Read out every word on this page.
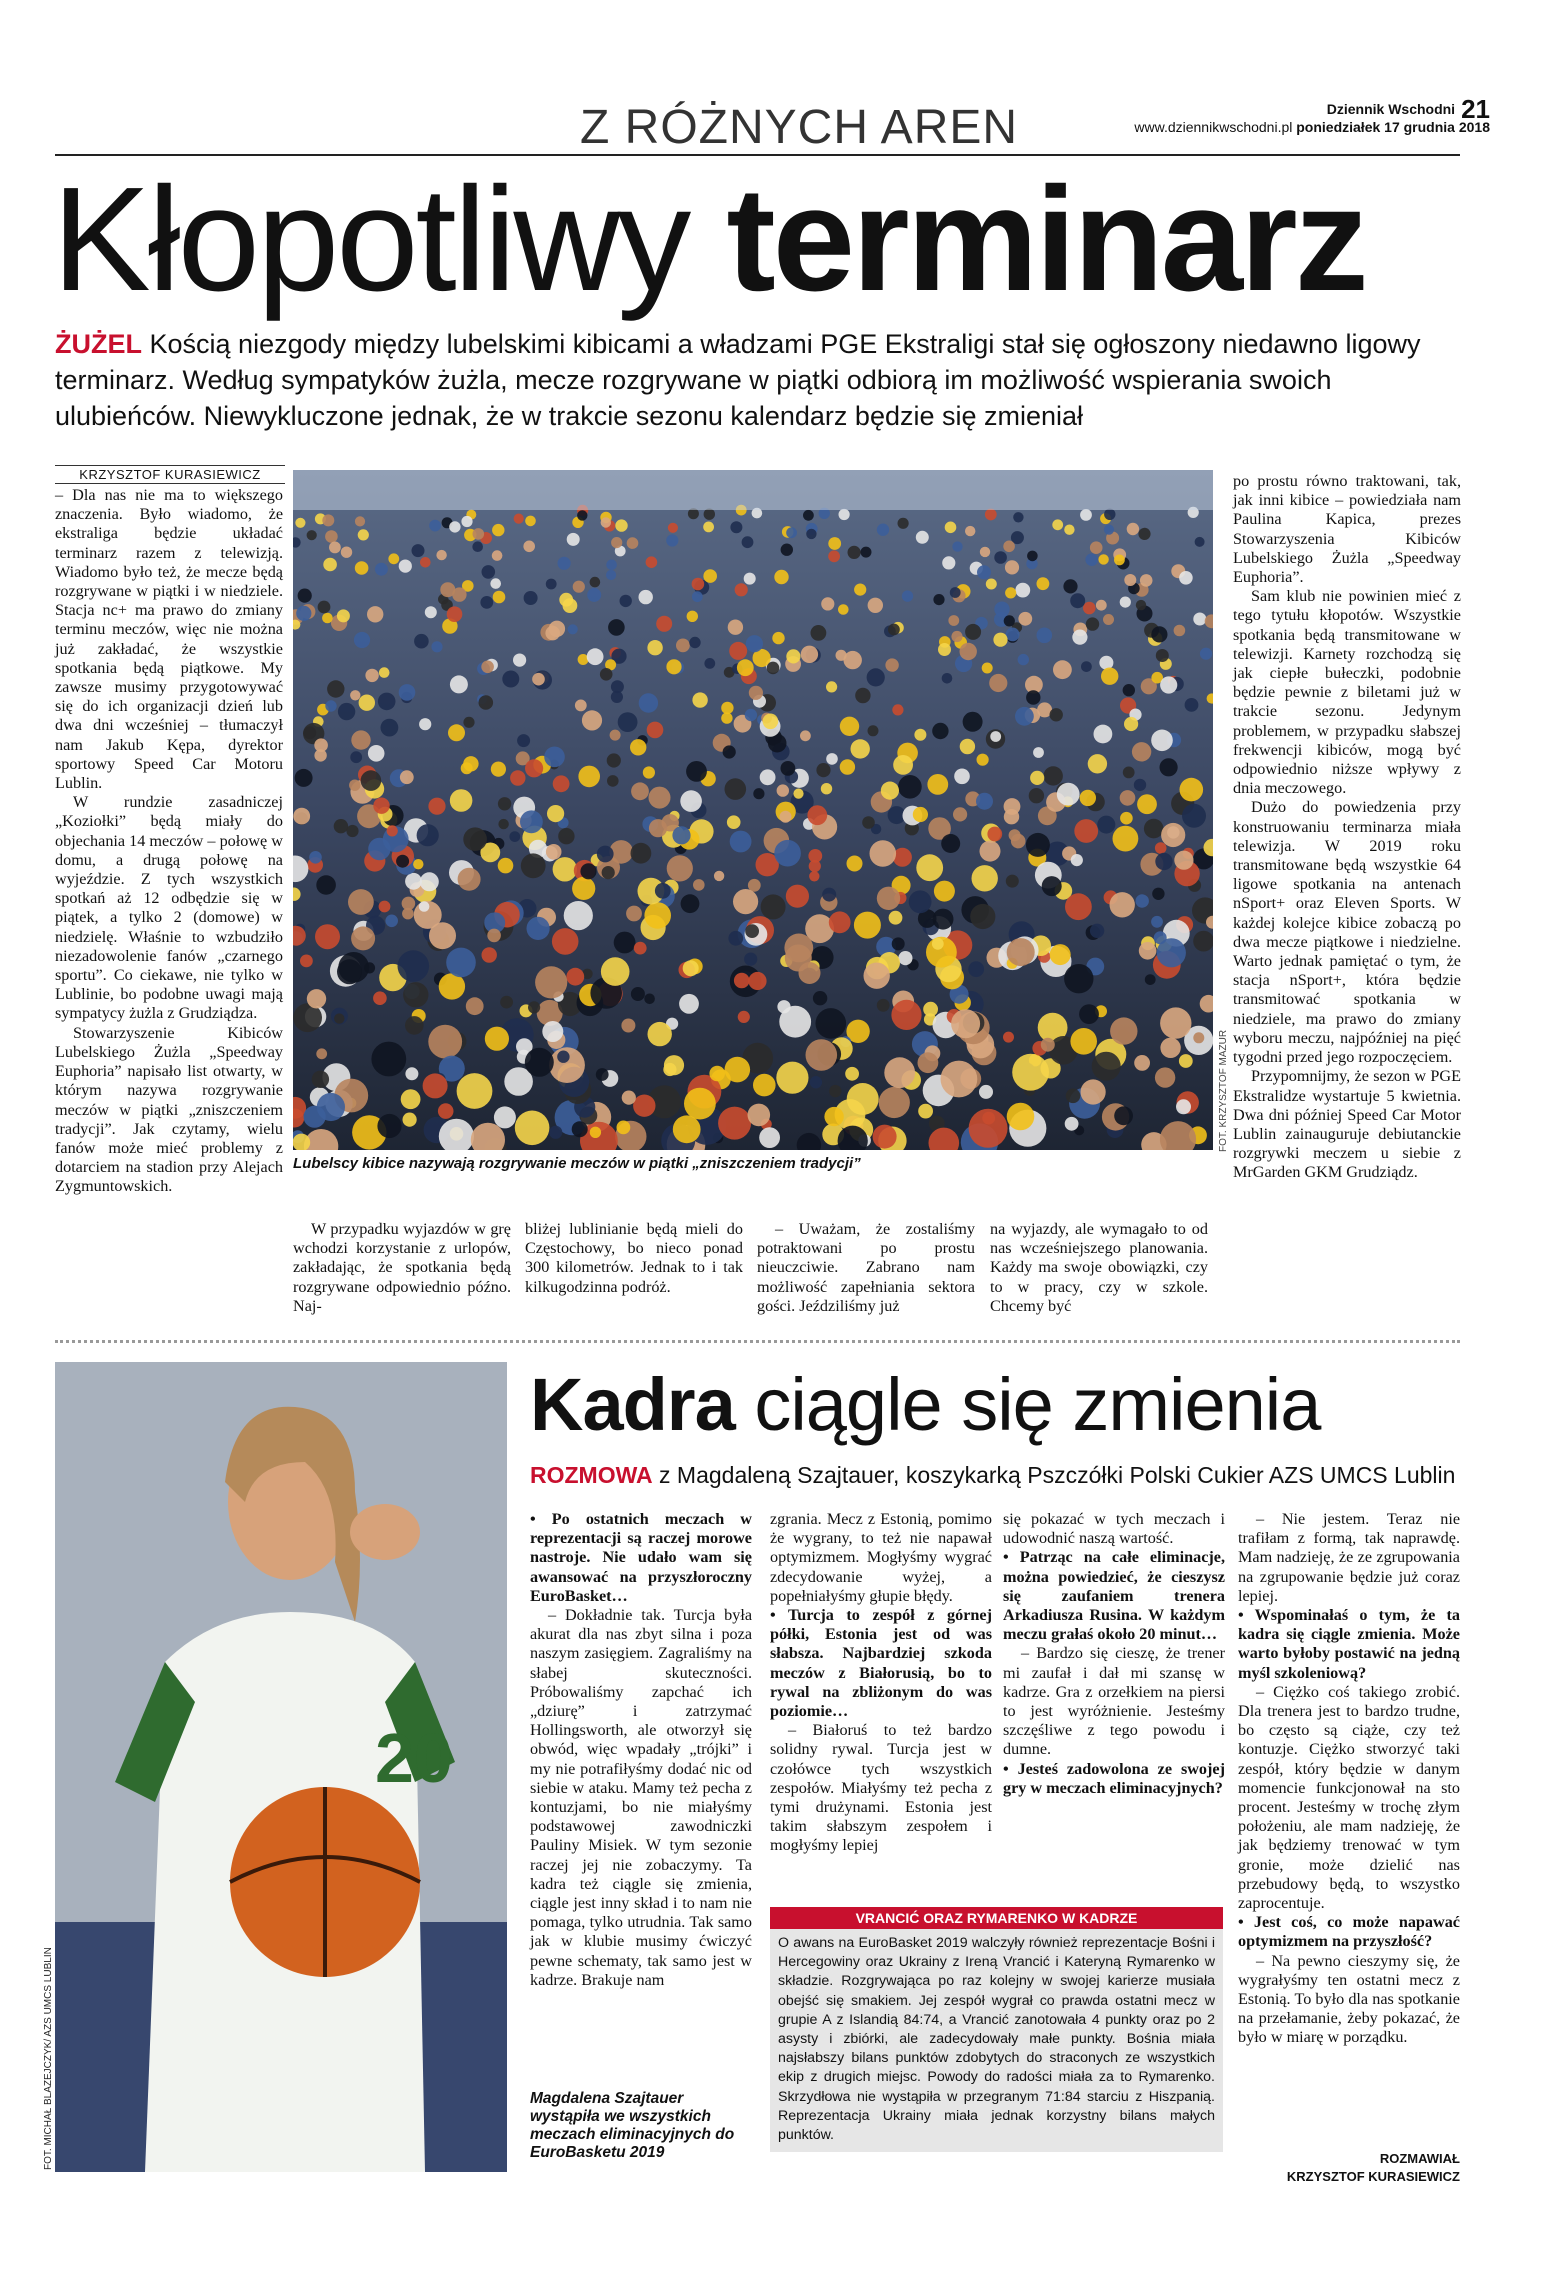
Z RÓŻNYCH AREN	Dziennik Wschodni 21
www.dziennikwschodni.pl poniedziałek 17 grudnia 2018
Kłopotliwy terminarz
ŻUŻEL Kością niezgody między lubelskimi kibicami a władzami PGE Ekstraligi stał się ogłoszony niedawno ligowy terminarz. Według sympatyków żużla, mecze rozgrywane w piątki odbiorą im możliwość wspierania swoich ulubieńców. Niewykluczone jednak, że w trakcie sezonu kalendarz będzie się zmieniał
KRZYSZTOF KURASIEWICZ

– Dla nas nie ma to większego znaczenia. Było wiadomo, że ekstraliga będzie układać terminarz razem z telewizją. Wiadomo było też, że mecze będą rozgrywane w piątki i w niedziele. Stacja nc+ ma prawo do zmiany terminu meczów, więc nie można już zakładać, że wszystkie spotkania będą piątkowe. My zawsze musimy przygotowywać się do ich organizacji dzień lub dwa dni wcześniej – tłumaczył nam Jakub Kępa, dyrektor sportowy Speed Car Motoru Lublin.

W rundzie zasadniczej „Koziołki” będą miały do objechania 14 meczów – połowę w domu, a drugą połowę na wyjeździe. Z tych wszystkich spotkań aż 12 odbędzie się w piątek, a tylko 2 (domowe) w niedzielę. Właśnie to wzbudziło niezadowolenie fanów „czarnego sportu”. Co ciekawe, nie tylko w Lublinie, bo podobne uwagi mają sympatycy żużla z Grudziądza.

Stowarzyszenie Kibiców Lubelskiego Żużla „Speedway Euphoria” napisało list otwarty, w którym nazywa rozgrywanie meczów w piątki „zniszczeniem tradycji”. Jak czytamy, wielu fanów może mieć problemy z dotarciem na stadion przy Alejach Zygmuntowskich.

FOT. KRZYSZTOF MAZUR
Lubelscy kibice nazywają rozgrywanie meczów w piątki „zniszczeniem tradycji”

W przypadku wyjazdów w grę wchodzi korzystanie z urlopów, zakładając, że spotkania będą rozgrywane odpowiednio późno. Naj-

bliżej lublinianie będą mieli do Częstochowy, bo nieco ponad 300 kilometrów. Jednak to i tak kilkugodzinna podróż.

– Uważam, że zostaliśmy potraktowani po prostu nieuczciwie. Zabrano nam możliwość zapełniania sektora gości. Jeździliśmy już

na wyjazdy, ale wymagało to od nas wcześniejszego planowania. Każdy ma swoje obowiązki, czy to w pracy, czy w szkole. Chcemy być

po prostu równo traktowani, tak, jak inni kibice – powiedziała nam Paulina Kapica, prezes Stowarzyszenia Kibiców Lubelskiego Żużla „Speedway Euphoria”.

Sam klub nie powinien mieć z tego tytułu kłopotów. Wszystkie spotkania będą transmitowane w telewizji. Karnety rozchodzą się jak ciepłe bułeczki, podobnie będzie pewnie z biletami już w trakcie sezonu. Jedynym problemem, w przypadku słabszej frekwencji kibiców, mogą być odpowiednio niższe wpływy z dnia meczowego.

Dużo do powiedzenia przy konstruowaniu terminarza miała telewizja. W 2019 roku transmitowane będą wszystkie 64 ligowe spotkania na antenach nSport+ oraz Eleven Sports. W każdej kolejce kibice zobaczą po dwa mecze piątkowe i niedzielne. Warto jednak pamiętać o tym, że stacja nSport+, która będzie transmitować spotkania w niedziele, ma prawo do zmiany wyboru meczu, najpóźniej na pięć tygodni przed jego rozpoczęciem.

Przypomnijmy, że sezon w PGE Ekstralidze wystartuje 5 kwietnia. Dwa dni później Speed Car Motor Lublin zainauguruje debiutanckie rozgrywki meczem u siebie z MrGarden GKM Grudziądz.

20
FOT. MICHAŁ BLAZEJCZYK/ AZS UMCS LUBLIN
Kadra ciągle się zmienia
ROZMOWA z Magdaleną Szajtauer, koszykarką Pszczółki Polski Cukier AZS UMCS Lublin

• Po ostatnich meczach w reprezentacji są raczej morowe nastroje. Nie udało wam się awansować na przyszłoroczny EuroBasket…

– Dokładnie tak. Turcja była akurat dla nas zbyt silna i poza naszym zasięgiem. Zagraliśmy na słabej skuteczności. Próbowaliśmy zapchać ich „dziurę” i zatrzymać Hollingsworth, ale otworzył się obwód, więc wpadały „trójki” i my nie potrafiłyśmy dodać nic od siebie w ataku. Mamy też pecha z kontuzjami, bo nie miałyśmy podstawowej zawodniczki Pauliny Misiek. W tym sezonie raczej jej nie zobaczymy. Ta kadra też ciągle się zmienia, ciągle jest inny skład i to nam nie pomaga, tylko utrudnia. Tak samo jak w klubie musimy ćwiczyć pewne schematy, tak samo jest w kadrze. Brakuje nam

zgrania. Mecz z Estonią, pomimo że wygrany, to też nie napawał optymizmem. Mogłyśmy wygrać zdecydowanie wyżej, a popełniałyśmy głupie błędy.

• Turcja to zespół z górnej półki, Estonia jest od was słabsza. Najbardziej szkoda meczów z Białorusią, bo to rywal na zbliżonym do was poziomie…

– Białoruś to też bardzo solidny rywal. Turcja jest w czołówce tych wszystkich zespołów. Miałyśmy też pecha z tymi drużynami. Estonia jest takim słabszym zespołem i mogłyśmy lepiej

się pokazać w tych meczach i udowodnić naszą wartość.

• Patrząc na całe eliminacje, można powiedzieć, że cieszysz się zaufaniem trenera Arkadiusza Rusina. W każdym meczu grałaś około 20 minut…

– Bardzo się cieszę, że trener mi zaufał i dał mi szansę w kadrze. Gra z orzełkiem na piersi to jest wyróżnienie. Jesteśmy szczęśliwe z tego powodu i dumne.

• Jesteś zadowolona ze swojej gry w meczach eliminacyjnych?

– Nie jestem. Teraz nie trafiłam z formą, tak naprawdę. Mam nadzieję, że ze zgrupowania na zgrupowanie będzie już coraz lepiej.

• Wspominałaś o tym, że ta kadra się ciągle zmienia. Może warto byłoby postawić na jedną myśl szkoleniową?

– Ciężko coś takiego zrobić. Dla trenera jest to bardzo trudne, bo często są ciąże, czy też kontuzje. Ciężko stworzyć taki zespół, który będzie w danym momencie funkcjonował na sto procent. Jesteśmy w trochę złym położeniu, ale mam nadzieję, że jak będziemy trenować w tym gronie, może dzielić nas przebudowy będą, to wszystko zaprocentuje.

• Jest coś, co może napawać optymizmem na przyszłość?

– Na pewno cieszymy się, że wygrałyśmy ten ostatni mecz z Estonią. To było dla nas spotkanie na przełamanie, żeby pokazać, że było w miarę w porządku.

VRANCIĆ ORAZ RYMARENKO W KADRZE
O awans na EuroBasket 2019 walczyły również reprezentacje Bośni i Hercegowiny oraz Ukrainy z Ireną Vrancić i Kateryną Rymarenko w składzie. Rozgrywająca po raz kolejny w swojej karierze musiała obejść się smakiem. Jej zespół wygrał co prawda ostatni mecz w grupie A z Islandią 84:74, a Vrancić zanotowała 4 punkty oraz po 2 asysty i zbiórki, ale zadecydowały małe punkty. Bośnia miała najsłabszy bilans punktów zdobytych do straconych ze wszystkich ekip z drugich miejsc. Powody do radości miała za to Rymarenko. Skrzydłowa nie wystąpiła w przegranym 71:84 starciu z Hiszpanią. Reprezentacja Ukrainy miała jednak korzystny bilans małych punktów.
Magdalena Szajtauer wystąpiła we wszystkich meczach eliminacyjnych do EuroBasketu 2019	ROZMAWIAŁ
KRZYSZTOF KURASIEWICZ
